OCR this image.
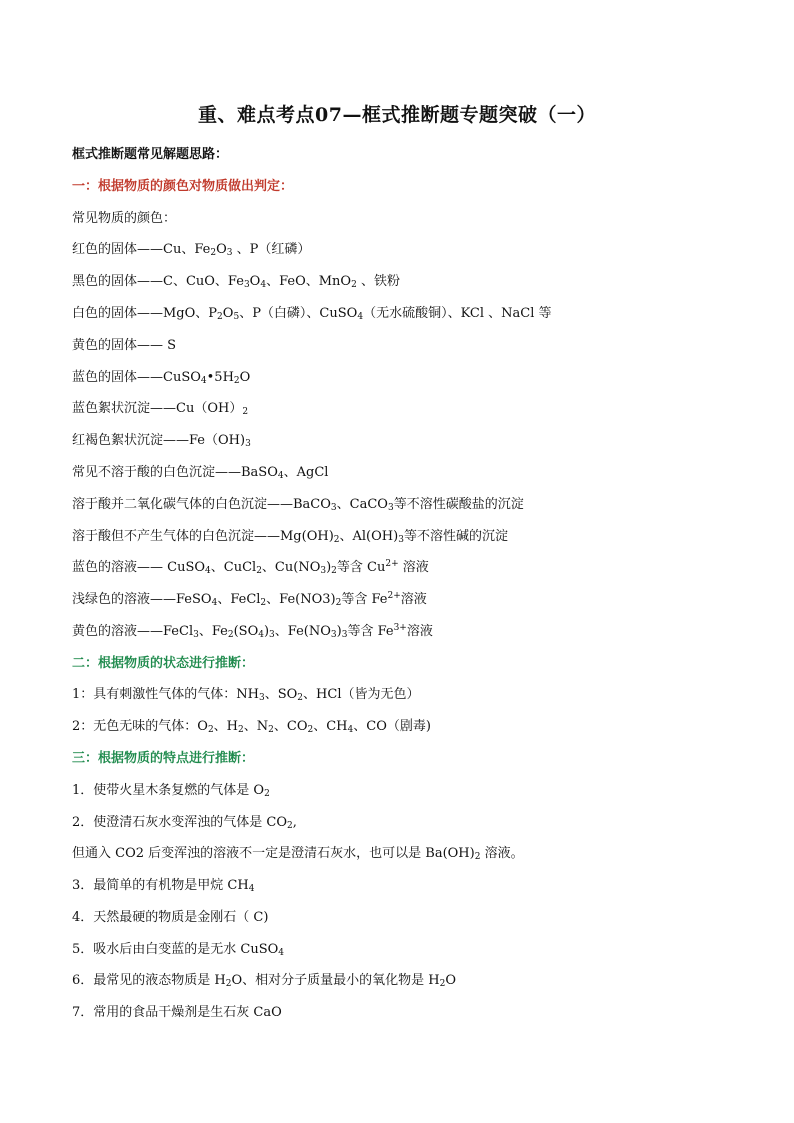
重、难点考点07—框式推断题专题突破（一）
框式推断题常见解题思路：
一：根据物质的颜色对物质做出判定：
常见物质的颜色：
红色的固体——Cu、$Fe_2O_3$ 、P（红磷）
黑色的固体——C、CuO、$Fe_3O_4$、FeO、MnO$_2$ 、铁粉
白色的固体——MgO、$P_2O_5$、P（白磷）、CuSO$_4$（无水硫酸铜）、KCl 、NaCl 等
黄色的固体—— S
蓝色的固体$——CuSO_4•5H_2O$
蓝色絮状沉淀$——Cu(OH)_2$
红褐色絮状沉淀$——Fe(OH)_3$
常见不溶于酸的白色沉淀——BaSO$_4$、AgCl
溶于酸并二氧化碳气体的白色沉淀——BaCO$_3$、CaCO$_3$等不溶性碳酸盐的沉淀
溶于酸但不产生气体的白色沉淀$——Mg(OH)_2$、$Al(OH)_3$等不溶性碱的沉淀
蓝色的溶液—— CuSO$_4$、CuCl$_2$、$Cu(NO_3)_2$等含 $Cu^{2+}$ 溶液
浅绿色的溶液——FeSO$_4$、FeCl$_2$、$Fe(NO3)_2$等含 $Fe^{2+}$溶液
黄色的溶液——FeCl$_3$、$Fe_2(SO_4)_3$、$Fe(NO_3)_3$等含 $Fe^{3+}$溶液
二：根据物质的状态进行推断：
1：具有刺激性气体的气体：$NH_3$、$SO_2$、HCl（皆为无色）
2：无色无味的气体：$O_2$、$H_2$、$N_2$、$CO_2$、$CH_4$、CO（剧毒)
三：根据物质的特点进行推断：
1．使带火星木条复燃的气体是 $O_2$
2．使澄清石灰水变浑浊的气体是 $CO_2$,
但通入 CO2 后变浑浊的溶液不一定是澄清石灰水，也可以是 $Ba(OH)_2$ 溶液。
3．最简单的有机物是甲烷 $CH_4$
4．天然最硬的物质是金刚石（ C)
5．吸水后由白变蓝的是无水 CuSO$_4$
6．最常见的液态物质是 $H_2O$、相对分子质量最小的氧化物是 $H_2O$
7．常用的食品干燥剂是生石灰 CaO
